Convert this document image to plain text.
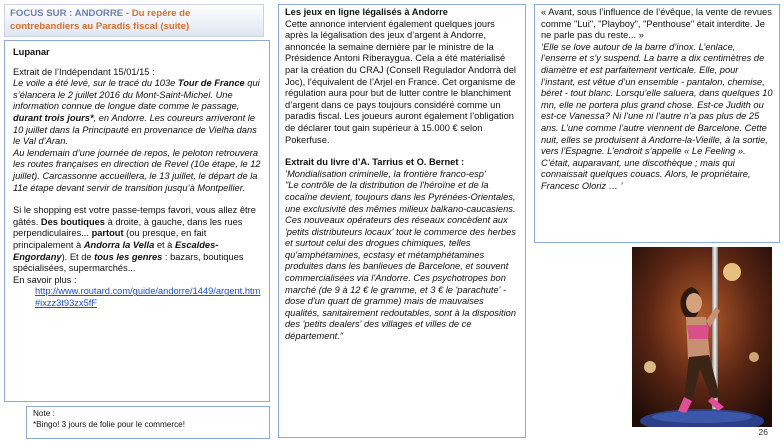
FOCUS SUR : ANDORRE - Du repère de contrebandiers au Paradis fiscal (suite)

Lupanar

Extrait de l’Indépendant 15/01/15 :

Le voile a été levé, sur le tracé du 103e Tour de France qui s’élancera le 2 juillet 2016 du Mont-Saint-Michel. Une information connue de longue date comme le passage, durant trois jours*, en Andorre. Les coureurs arriveront le 10 juillet dans la Principauté en provenance de Vielha dans le Val d’Aran.

Au lendemain d’une journée de repos, le peloton retrouvera les routes françaises en direction de Revel (10e étape, le 12 juillet). Carcassonne accueillera, le 13 juillet, le départ de la 11e étape devant servir de transition jusqu’à Montpellier.

Si le shopping est votre passe-temps favori, vous allez être gâtés. Des boutiques à droite, à gauche, dans les rues perpendiculaires... partout (ou presque, en fait principalement à Andorra la Vella et à Escaldes-Engordany). Et de tous les genres : bazars, boutiques spécialisées, supermarchés...

En savoir plus :

http://www.routard.com/guide/andorre/1449/argent.htm#ixzz3t93zx5fF

Note :

*Bingo! 3 jours de folie pour le commerce!

Les jeux en ligne légalisés à Andorre

Cette annonce intervient également quelques jours après la légalisation des jeux d’argent à Andorre, annoncée la semaine dernière par le ministre de la Présidence Antoni Riberaygua. Cela a été matérialisé par la création du CRAJ (Consell Regulador Andorrà del Joc), l’équivalent de l’Arjel en France. Cet organisme de régulation aura pour but de lutter contre le blanchiment d’argent dans ce pays toujours considéré comme un paradis fiscal. Les joueurs auront également l’obligation de déclarer tout gain supérieur à 15.000 € selon Pokerfuse.

Extrait du livre d’A. Tarrius et O. Bernet :

’Mondialisation criminelle, la frontière franco-esp’

"Le contrôle de la distribution de l'héroïne et de la cocaïne devient, toujours dans les Pyrénées-Orientales, une exclusivité des mêmes milieux balkano-caucasiens. Ces nouveaux opérateurs des réseaux concèdent aux 'petits distributeurs locaux' tout le commerce des herbes et surtout celui des drogues chimiques, telles qu'amphétamines, ecstasy et métamphétamines produites dans les banlieues de Barcelone, et souvent commercialisées via l'Andorre. Ces psychotropes bon marché (de 9 à 12 € le gramme, et 3 € le 'parachute' - dose d'un quart de gramme) mais de mauvaises qualités, sanitairement redoutables, sont à la disposition des 'petits dealers' des villages et villes de ce département."

« Avant, sous l’influence de l’évêque, la vente de revues comme "Lui", "Playboy", "Penthouse" était interdite. Je ne parle pas du reste... »

‘Elle se love autour de la barre d’inox. L’enlace, l’enserre et s’y suspend. La barre a dix centimètres de diamètre et est parfaitement verticale. Elle, pour l’instant, est vêtue d’un ensemble - pantalon, chemise, béret - tout blanc. Lorsqu’elle saluera, dans quelques 10 mn, elle ne portera plus grand chose. Est-ce Judith ou est-ce Vanessa? Ni l’une ni l’autre n’a pas plus de 25 ans. L’une comme l’autre viennent de Barcelone. Cette nuit, elles se produisent à Andorre-la-Vieille, à la sortie, vers l’Espagne. L’endroit s’appelle « Le Feeling ». C’était, auparavant, une discothèque ; mais qui connaissait quelques couacs. Alors, le propriétaire, Francesc Oloriz … ’

26
